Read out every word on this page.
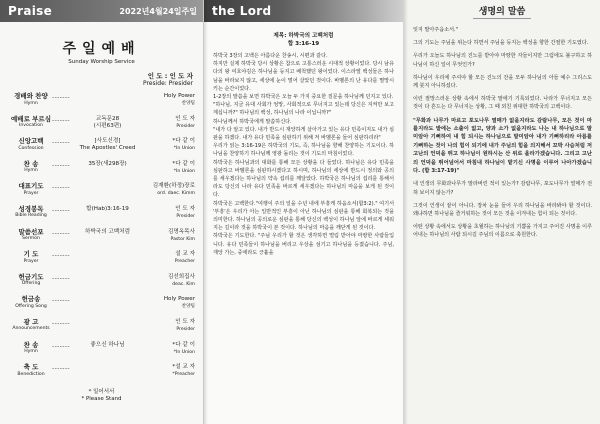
Praise	2022년4월24일주일
주일예배
Sunday Worship Service
인 도 : 인 도 자
Preside: Presider
경배와 찬양
Hymn
-------	Holy Power
찬양팀
예배로 부르심
Invocation
-------	교독문28
(시편63편)
인 도 자
Presider
신앙고백
Confession
-------	[사도신경]
The Apostles' Creed
*다 같 이
*In Union
찬 송
Hymn
-------	35장(새298장)	*다 같 이
*In Union
대표기도
Prayer
-------	김재환(하정)장로
ord. daec. Kimm
성경봉독
Bible Reading
-------	합(Hab)3:16-19	인 도 자
Presider
말씀선포
Sermon
-------	하박국의 고백처럼	김명옥목사
Pastor Kim
기 도
Prayer
-------	설 교 자
Preacher
헌금기도
Offering
-------	김선희집사
deac. Kim
헌금송
Offering Song
-------	Holy Power
찬양팀
광 고
Announcements
-------	인 도 자
Presider
찬 송
Hymn
-------	좋으신 하나님	*다 같 이
*In Union
축 도
Benediction
-------	*설 교 자
*Preacher
* 일어서서
* Please Stand
the Lord
제목: 하박국의 고백처럼
합 3:16-19

하박국 3장의 고백은 아름다운 찬송시, 시편과 같다.

하지만 실제 하박국 당시 상황은 참으로 고통스러운 시대적 상황이었다. 당시 남유다의 왕 여호야김은 하나님을 등지고 배척했던 왕이었다. 이스라엘 백성들은 하나님을 바라보지 않고, 세상에 눈이 멀어 살았던 것이다. 바벨론의 난 유다를 멸망시키는 순간이었다.

1-2장의 말씀을 보면 하박국은 오늘 두 가지 중요한 질문을 하나님께 던지고 있다.

"하나님, 지금 유대 사회가 엉망, 사회적으로 무너지고 있는데 당신은 지켜만 보고 계십니까?" 하나님의 백성, 하나님의 나라 이닙니까?"

하나님께서 하박국에게 말씀하신다.

"내가 다 알고 있다. 내가 반드시 재앙하게 살아가고 있는 유다 민족이지도 내가 심판을 하겠다. 내가 유다 민족을 심판하기 위해 저 바벨론을 들어 심판하리라"

우리가 읽는 3:16-19은 하박국의 기도, 즉, 하나님을 향해 찬양하는 기도이다. 하나님을 찬양하기 하나님께 영광 돌리는 것이 기도의 마침이었다.

하박국은 하나님과의 대화를 통해 모든 상황을 다 들었다. 하나님은 유다 민족을 심판하고 바벨론을 심판하시겠다고 하시며, 하나님의 세상에 반드시 정의와 공의를 세우겠다는 하나님의 약속 섭리를 깨달았다. 하박국은 하나님의 섭리를 통해서라도 당신의 나라 유다 민족을 바르게 세우겠다는 하나님의 마음을 보게 된 것이다.

하박국은 고백한다."여행이 주의 일을 수년 내에 부흥케 하옵소서(합3:2)." 여기서 '부흥'은 우리가 아는 일반적인 부흥이 아닌 하나님의 심판을 통해 회복되는 것을 의미한다. 하나님의 공의로운 심판을 통해 당신의 백성이 하나님 앞에 바르게 세워지는 길이라 것을 하박국이 본 것이다. 하나님의 마음을 깨닫게 된 것이다.

하박국은 기도한다. "주님 우리가 할 것은 생각하면 떨림 받아야 마땅한 사람들입니다. 유다 민족들이 하나님을 버리고 우상을 섬기고 하나님을 등졌습니다. 주님, 재앙 가는, 중에라도 긍휼을

생명의 말씀

잊지 말아주옵소서."

그의 기도는 주님을 위는다 하면서 주님을 등지는 백성을 향한 간절한 기도였다.

우리가 오늘도 하나님의 진노를 받아야 마땅한 자들이지만 그럼에도 불구하고 하나님이 하신 일이 무엇인가?

하나님이 우리에 주셔야 할 모든 진노의 잔을 모두 하나님의 아들 예수 그리스도께 붓지 아니하셨다.

이런 절망스러운 상황 속에서 하박국 말에기 기록되었다. 나라가 무너지고 모든 것이 다 흔드는 다 무너지는 상황, 그 때 외친 위대한 하박국의 고백이다.

"무화과 나무가 마르고 포도나무 열매가 없을지라도 감람나무, 모든 것이 마를지라도 밭에는 소출이 없고, 양과 소가 없을지라도 나는 내 하나님으로 말미암아 기뻐하여 내 힘 되시는 하나님으로 말미암아 내가 기뻐하리라 아름를 기뻐하는 것이 나의 힘이 되기에 내가 주님의 힘을 의지해서 꼬박 사슴처럼 저 고난의 언덕을 뛰고 하나님이 원하시는 산 위로 올라가겠습니다. 그리고 고난의 언덕을 뛰어넘어서 마침내 하나님이 맡기신 사명을 이루어 나아가겠습니다. (합 3:17-19)"

내 인생의 무화과나무가 말라버린 적이 있는가? 감람나무, 포도나무가 열매가 전혀 보이지 않는가?

그것이 인생이 끝이 아니다. 장차 눈을 들어 우리 하나님을 바라봐야 할 것이다. 왜냐하면 하나님을 즐거워하는 것이 모든 것을 이겨내는 힘이 되는 것이다.

어떤 상황 속에서도 상황을 초월하는 하나님의 기쁨을 가지고 주어진 사명을 이루어내는 하나님의 사람 되시길 주님의 이름으로 축원한다.
